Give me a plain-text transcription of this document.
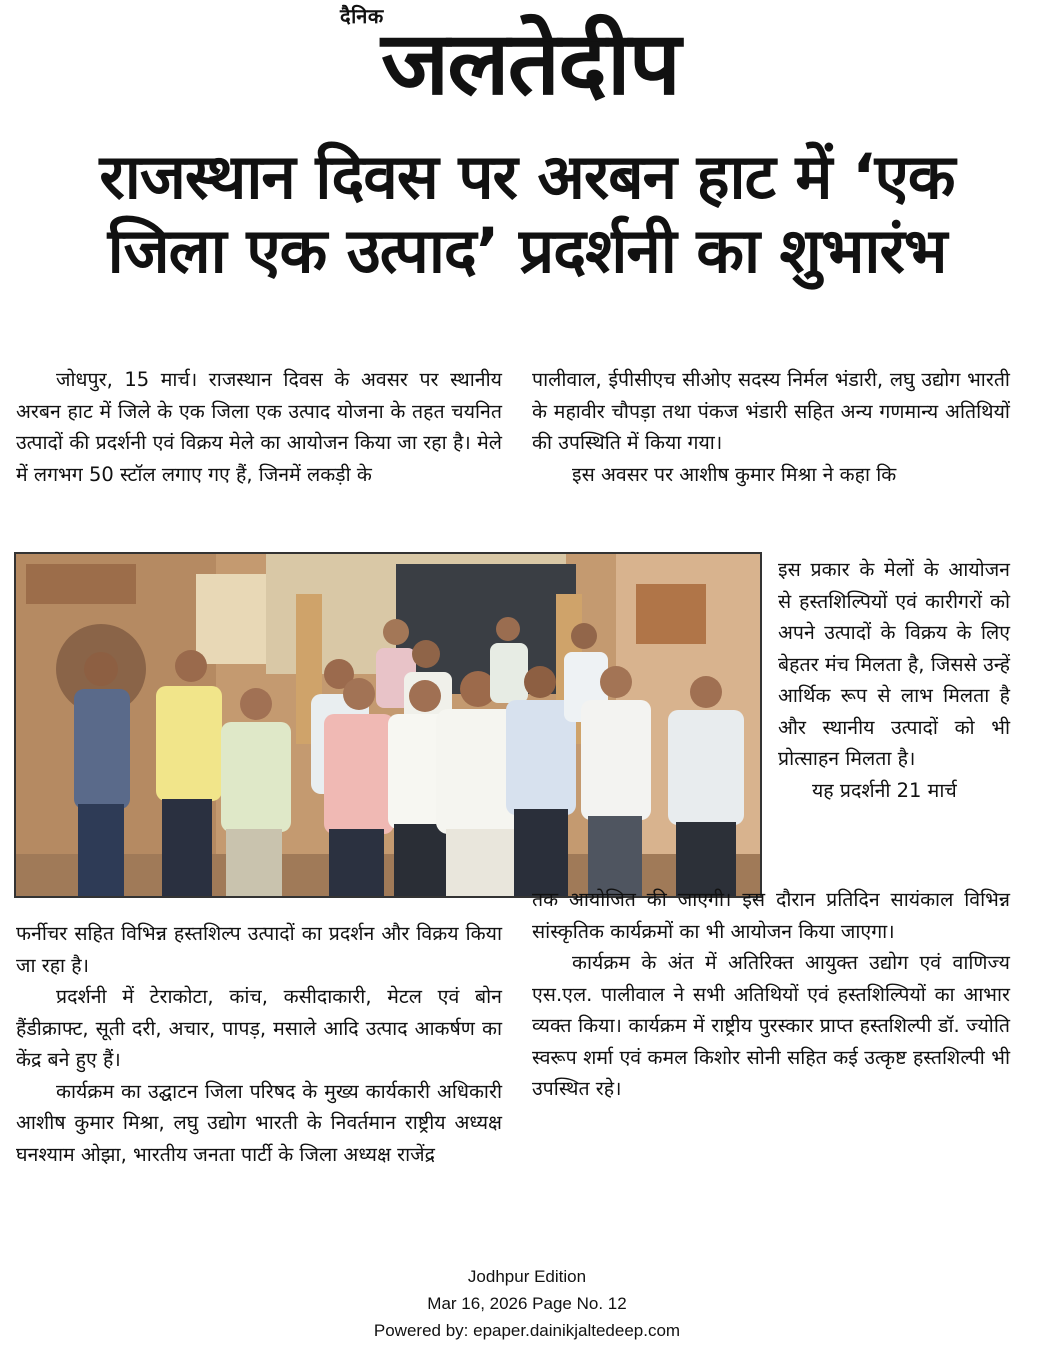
दैनिक
जलतेदीप
राजस्थान दिवस पर अरबन हाट में ‘एक
जिला एक उत्पाद’ प्रदर्शनी का शुभारंभ

जोधपुर, 15 मार्च। राजस्थान दिवस के अवसर पर स्थानीय अरबन हाट में जिले के एक जिला एक उत्पाद योजना के तहत चयनित उत्पादों की प्रदर्शनी एवं विक्रय मेले का आयोजन किया जा रहा है। मेले में लगभग 50 स्टॉल लगाए गए हैं, जिनमें लकड़ी के

पालीवाल, ईपीसीएच सीओए सदस्य निर्मल भंडारी, लघु उद्योग भारती के महावीर चौपड़ा तथा पंकज भंडारी सहित अन्य गणमान्य अतिथियों की उपस्थिति में किया गया।

इस अवसर पर आशीष कुमार मिश्रा ने कहा कि

इस प्रकार के मेलों के आयोजन से हस्तशिल्पियों एवं कारीगरों को अपने उत्पादों के विक्रय के लिए बेहतर मंच मिलता है, जिससे उन्हें आर्थिक रूप से लाभ मिलता है और स्थानीय उत्पादों को भी प्रोत्साहन मिलता है।

यह प्रदर्शनी 21 मार्च

तक आयोजित की जाएगी। इस दौरान प्रतिदिन सायंकाल विभिन्न सांस्कृतिक कार्यक्रमों का भी आयोजन किया जाएगा।

कार्यक्रम के अंत में अतिरिक्त आयुक्त उद्योग एवं वाणिज्य एस.एल. पालीवाल ने सभी अतिथियों एवं हस्तशिल्पियों का आभार व्यक्त किया। कार्यक्रम में राष्ट्रीय पुरस्कार प्राप्त हस्तशिल्पी डॉ. ज्योति स्वरूप शर्मा एवं कमल किशोर सोनी सहित कई उत्कृष्ट हस्तशिल्पी भी उपस्थित रहे।

फर्नीचर सहित विभिन्न हस्तशिल्प उत्पादों का प्रदर्शन और विक्रय किया जा रहा है।

प्रदर्शनी में टेराकोटा, कांच, कसीदाकारी, मेटल एवं बोन हैंडीक्राफ्ट, सूती दरी, अचार, पापड़, मसाले आदि उत्पाद आकर्षण का केंद्र बने हुए हैं।

कार्यक्रम का उद्घाटन जिला परिषद के मुख्य कार्यकारी अधिकारी आशीष कुमार मिश्रा, लघु उद्योग भारती के निवर्तमान राष्ट्रीय अध्यक्ष घनश्याम ओझा, भारतीय जनता पार्टी के जिला अध्यक्ष राजेंद्र

Jodhpur Edition
Mar 16, 2026 Page No. 12
Powered by: epaper.dainikjaltedeep.com
